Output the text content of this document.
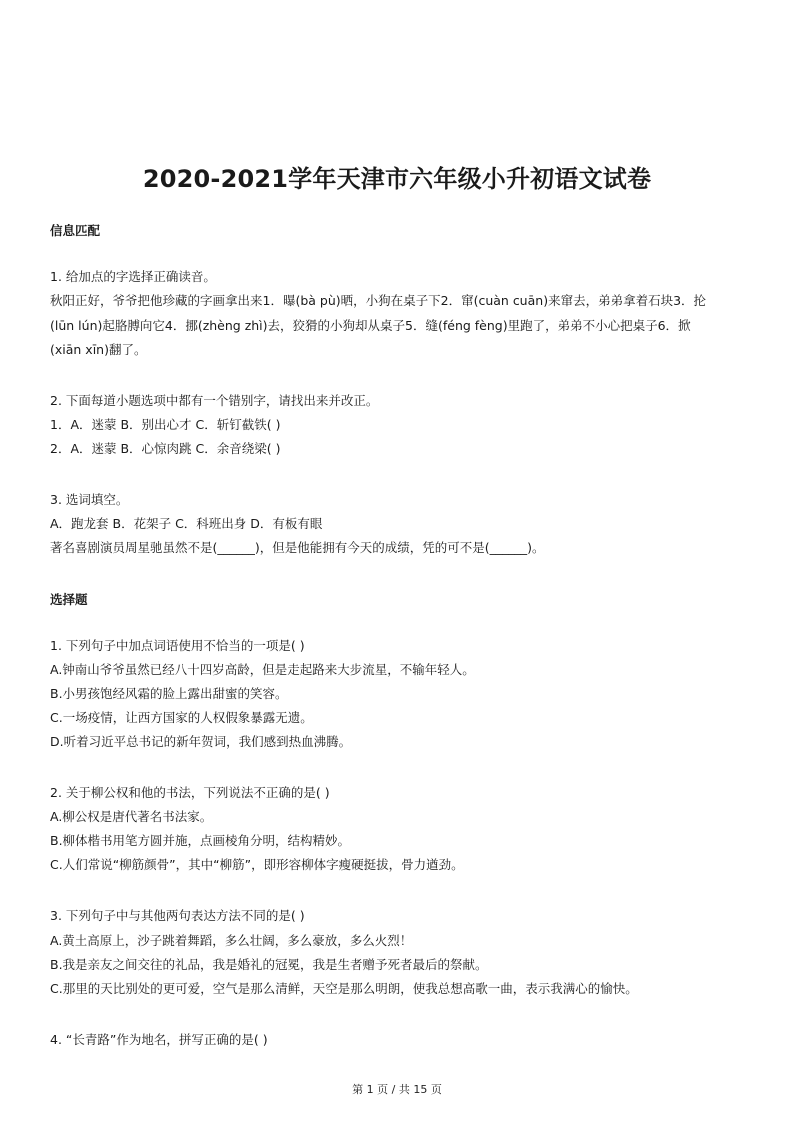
2020-2021学年天津市六年级小升初语文试卷
信息匹配
1. 给加点的字选择正确读音。
秋阳正好，爷爷把他珍藏的字画拿出来1．曝(bà pù)晒，小狗在桌子下2．窜(cuàn cuān)来窜去，弟弟拿着石块3．抡
(lūn lún)起胳膊向它4．挪(zhèng zhì)去，狡猾的小狗却从桌子5．缝(féng fèng)里跑了，弟弟不小心把桌子6．掀
(xiān xīn)翻了。
2. 下面每道小题选项中都有一个错别字，请找出来并改正。
1．A．迷蒙 B．别出心才 C．斩钉截铁( )
2．A．迷蒙 B．心惊肉跳 C．余音绕梁( )
3. 选词填空。
A．跑龙套 B．花架子 C．科班出身 D．有板有眼
著名喜剧演员周星驰虽然不是(______)，但是他能拥有今天的成绩，凭的可不是(______)。
选择题
1. 下列句子中加点词语使用不恰当的一项是( )
A.钟南山爷爷虽然已经八十四岁高龄，但是走起路来大步流星，不输年轻人。
B.小男孩饱经风霜的脸上露出甜蜜的笑容。
C.一场疫情，让西方国家的人权假象暴露无遗。
D.听着习近平总书记的新年贺词，我们感到热血沸腾。
2. 关于柳公权和他的书法，下列说法不正确的是( )
A.柳公权是唐代著名书法家。
B.柳体楷书用笔方圆并施，点画棱角分明，结构精妙。
C.人们常说“柳筋颜骨”，其中“柳筋”，即形容柳体字瘦硬挺拔，骨力遒劲。
3. 下列句子中与其他两句表达方法不同的是( )
A.黄土高原上，沙子跳着舞蹈，多么壮阔，多么豪放，多么火烈！
B.我是亲友之间交往的礼品，我是婚礼的冠冕，我是生者赠予死者最后的祭献。
C.那里的天比别处的更可爱，空气是那么清鲜，天空是那么明朗，使我总想高歌一曲，表示我满心的愉快。
4. “长青路”作为地名，拼写正确的是( )
第 1 页 / 共 15 页
